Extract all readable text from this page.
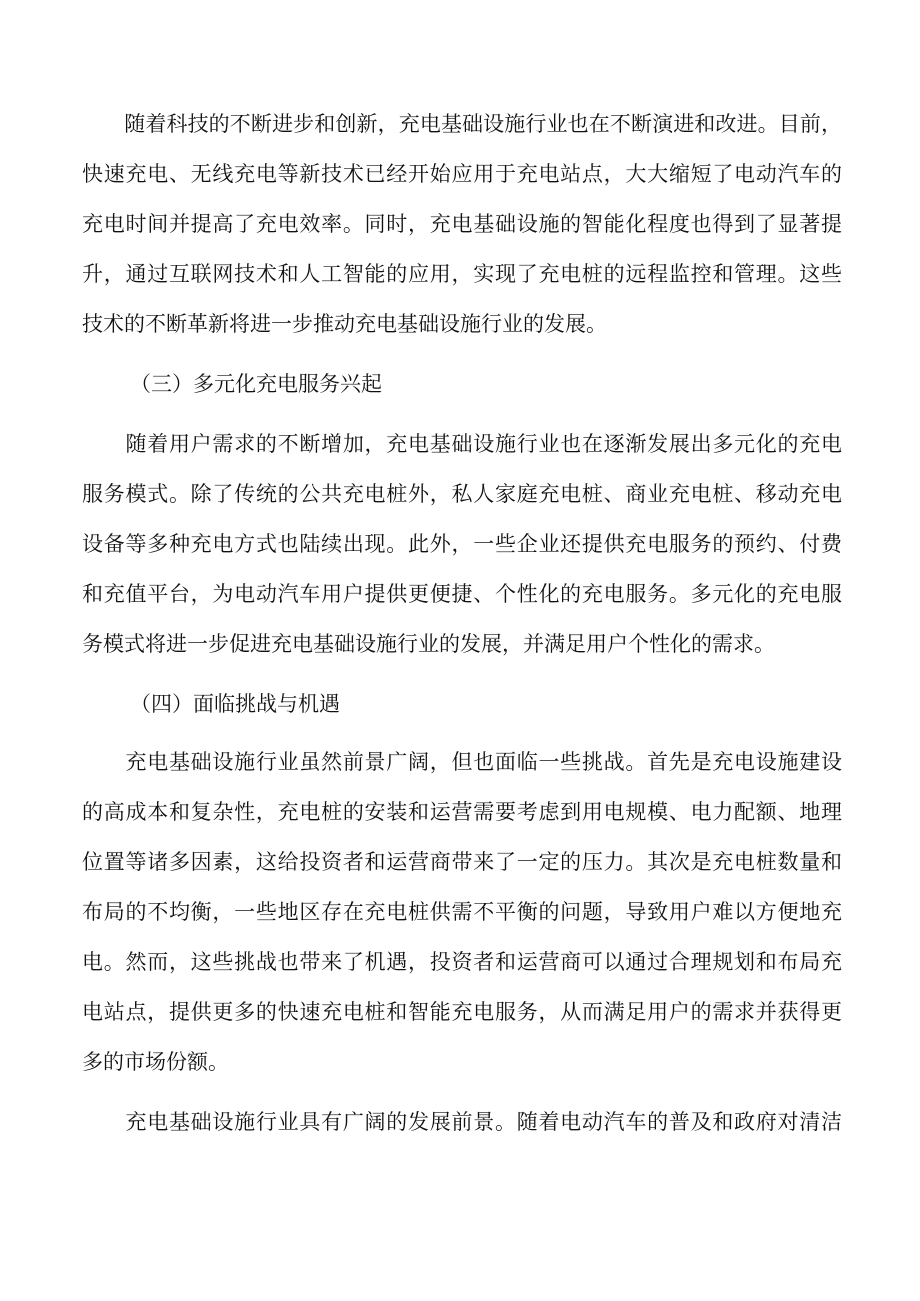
　　随着科技的不断进步和创新，充电基础设施行业也在不断演进和改进。目前，
快速充电、无线充电等新技术已经开始应用于充电站点，大大缩短了电动汽车的
充电时间并提高了充电效率。同时，充电基础设施的智能化程度也得到了显著提
升，通过互联网技术和人工智能的应用，实现了充电桩的远程监控和管理。这些
技术的不断革新将进一步推动充电基础设施行业的发展。
（三）多元化充电服务兴起
　　随着用户需求的不断增加，充电基础设施行业也在逐渐发展出多元化的充电
服务模式。除了传统的公共充电桩外，私人家庭充电桩、商业充电桩、移动充电
设备等多种充电方式也陆续出现。此外，一些企业还提供充电服务的预约、付费
和充值平台，为电动汽车用户提供更便捷、个性化的充电服务。多元化的充电服
务模式将进一步促进充电基础设施行业的发展，并满足用户个性化的需求。
（四）面临挑战与机遇
　　充电基础设施行业虽然前景广阔，但也面临一些挑战。首先是充电设施建设
的高成本和复杂性，充电桩的安装和运营需要考虑到用电规模、电力配额、地理
位置等诸多因素，这给投资者和运营商带来了一定的压力。其次是充电桩数量和
布局的不均衡，一些地区存在充电桩供需不平衡的问题，导致用户难以方便地充
电。然而，这些挑战也带来了机遇，投资者和运营商可以通过合理规划和布局充
电站点，提供更多的快速充电桩和智能充电服务，从而满足用户的需求并获得更
多的市场份额。
　　充电基础设施行业具有广阔的发展前景。随着电动汽车的普及和政府对清洁
